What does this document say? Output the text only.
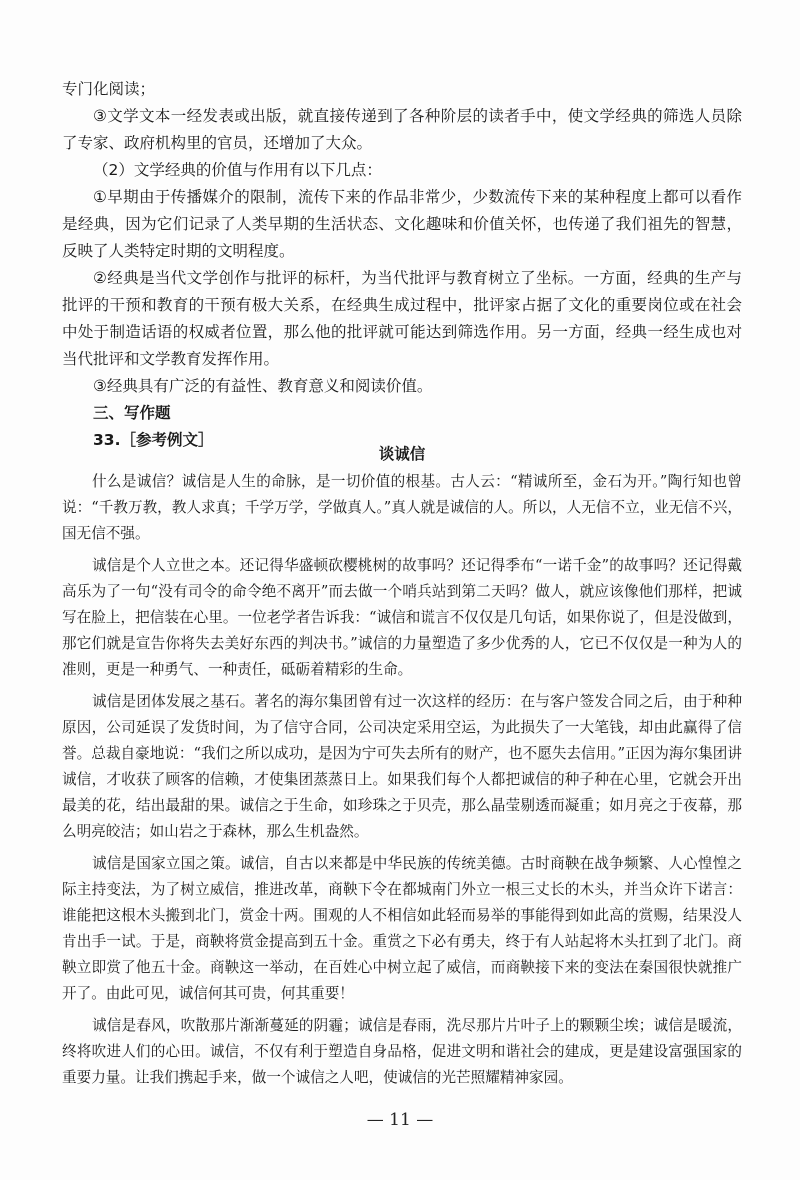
专门化阅读；

③文学文本一经发表或出版，就直接传递到了各种阶层的读者手中，使文学经典的筛选人员除了专家、政府机构里的官员，还增加了大众。

（2）文学经典的价值与作用有以下几点：

①早期由于传播媒介的限制，流传下来的作品非常少，少数流传下来的某种程度上都可以看作是经典，因为它们记录了人类早期的生活状态、文化趣味和价值关怀，也传递了我们祖先的智慧，反映了人类特定时期的文明程度。

②经典是当代文学创作与批评的标杆，为当代批评与教育树立了坐标。一方面，经典的生产与批评的干预和教育的干预有极大关系，在经典生成过程中，批评家占据了文化的重要岗位或在社会中处于制造话语的权威者位置，那么他的批评就可能达到筛选作用。另一方面，经典一经生成也对当代批评和文学教育发挥作用。

③经典具有广泛的有益性、教育意义和阅读价值。

三、写作题

33.［参考例文］

谈诚信

什么是诚信？诚信是人生的命脉，是一切价值的根基。古人云：“精诚所至，金石为开。”陶行知也曾说：“千教万教，教人求真；千学万学，学做真人。”真人就是诚信的人。所以，人无信不立，业无信不兴，国无信不强。

诚信是个人立世之本。还记得华盛顿砍樱桃树的故事吗？还记得季布“一诺千金”的故事吗？还记得戴高乐为了一句“没有司令的命令绝不离开”而去做一个哨兵站到第二天吗？做人，就应该像他们那样，把诚写在脸上，把信装在心里。一位老学者告诉我：“诚信和谎言不仅仅是几句话，如果你说了，但是没做到，那它们就是宣告你将失去美好东西的判决书。”诚信的力量塑造了多少优秀的人，它已不仅仅是一种为人的准则，更是一种勇气、一种责任，砥砺着精彩的生命。

诚信是团体发展之基石。著名的海尔集团曾有过一次这样的经历：在与客户签发合同之后，由于种种原因，公司延误了发货时间，为了信守合同，公司决定采用空运，为此损失了一大笔钱，却由此赢得了信誉。总裁自豪地说：“我们之所以成功，是因为宁可失去所有的财产，也不愿失去信用。”正因为海尔集团讲诚信，才收获了顾客的信赖，才使集团蒸蒸日上。如果我们每个人都把诚信的种子种在心里，它就会开出最美的花，结出最甜的果。诚信之于生命，如珍珠之于贝壳，那么晶莹剔透而凝重；如月亮之于夜幕，那么明亮皎洁；如山岩之于森林，那么生机盎然。

诚信是国家立国之策。诚信，自古以来都是中华民族的传统美德。古时商鞅在战争频繁、人心惶惶之际主持变法，为了树立威信，推进改革，商鞅下令在都城南门外立一根三丈长的木头，并当众许下诺言：谁能把这根木头搬到北门，赏金十两。围观的人不相信如此轻而易举的事能得到如此高的赏赐，结果没人肯出手一试。于是，商鞅将赏金提高到五十金。重赏之下必有勇夫，终于有人站起将木头扛到了北门。商鞅立即赏了他五十金。商鞅这一举动，在百姓心中树立起了威信，而商鞅接下来的变法在秦国很快就推广开了。由此可见，诚信何其可贵，何其重要！

诚信是春风，吹散那片渐渐蔓延的阴霾；诚信是春雨，洗尽那片片叶子上的颗颗尘埃；诚信是暖流，终将吹进人们的心田。诚信，不仅有利于塑造自身品格，促进文明和谐社会的建成，更是建设富强国家的重要力量。让我们携起手来，做一个诚信之人吧，使诚信的光芒照耀精神家园。

— 11 —
